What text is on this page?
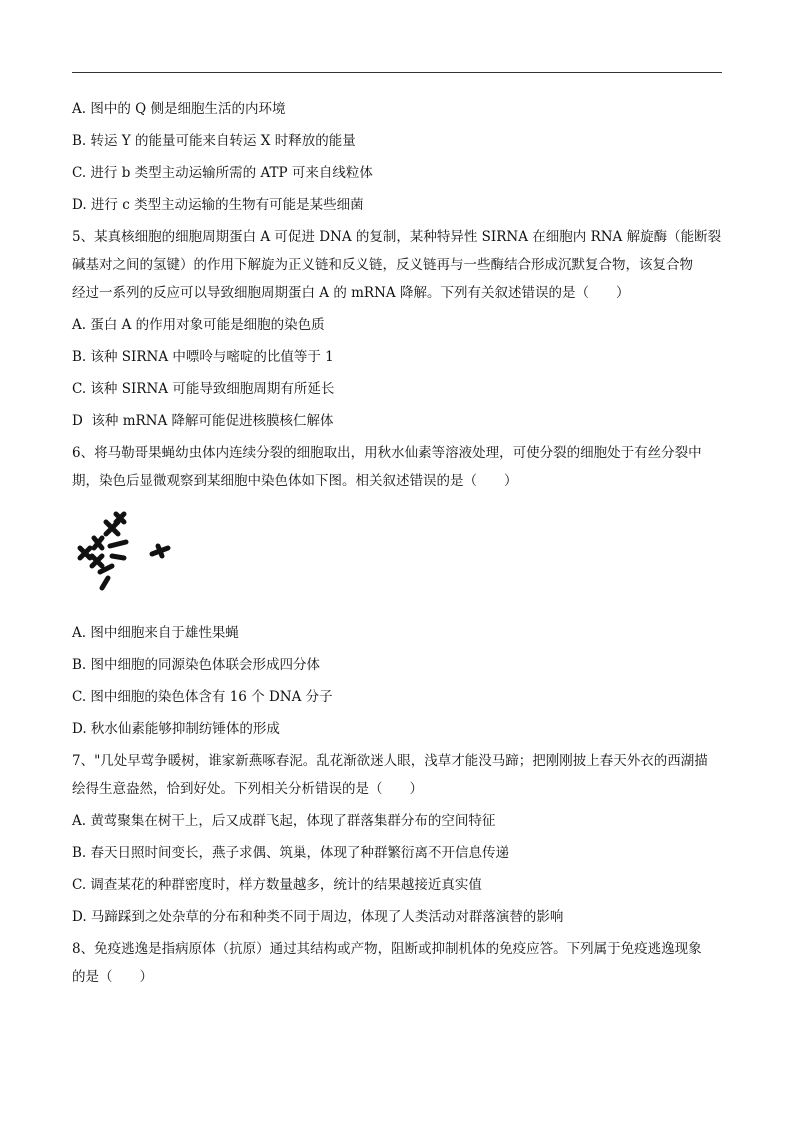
A. 图中的 Q 侧是细胞生活的内环境

B. 转运 Y 的能量可能来自转运 X 时释放的能量

C. 进行 b 类型主动运输所需的 ATP 可来自线粒体

D. 进行 c 类型主动运输的生物有可能是某些细菌

5、某真核细胞的细胞周期蛋白 A 可促进 DNA 的复制，某种特异性 SIRNA 在细胞内 RNA 解旋酶（能断裂

碱基对之间的氢键）的作用下解旋为正义链和反义链，反义链再与一些酶结合形成沉默复合物，该复合物

经过一系列的反应可以导致细胞周期蛋白 A 的 mRNA 降解。下列有关叙述错误的是（　　）

A. 蛋白 A 的作用对象可能是细胞的染色质

B. 该种 SIRNA 中嘌呤与嘧啶的比值等于 1

C. 该种 SIRNA 可能导致细胞周期有所延长

D  该种 mRNA 降解可能促进核膜核仁解体

6、将马勒哥果蝇幼虫体内连续分裂的细胞取出，用秋水仙素等溶液处理，可使分裂的细胞处于有丝分裂中

期，染色后显微观察到某细胞中染色体如下图。相关叙述错误的是（　　）

A. 图中细胞来自于雄性果蝇

B. 图中细胞的同源染色体联会形成四分体

C. 图中细胞的染色体含有 16 个 DNA 分子

D. 秋水仙素能够抑制纺锤体的形成

7、"几处早莺争暖树，谁家新燕啄春泥。乱花渐欲迷人眼，浅草才能没马蹄；把刚刚披上春天外衣的西湖描

绘得生意盎然，恰到好处。下列相关分析错误的是（　　）

A. 黄莺聚集在树干上，后又成群飞起，体现了群落集群分布的空间特征

B. 春天日照时间变长，燕子求偶、筑巢，体现了种群繁衍离不开信息传递

C. 调查某花的种群密度时，样方数量越多，统计的结果越接近真实值

D. 马蹄踩到之处杂草的分布和种类不同于周边，体现了人类活动对群落演替的影响

8、免疫逃逸是指病原体（抗原）通过其结构或产物，阻断或抑制机体的免疫应答。下列属于免疫逃逸现象

的是（　　）
